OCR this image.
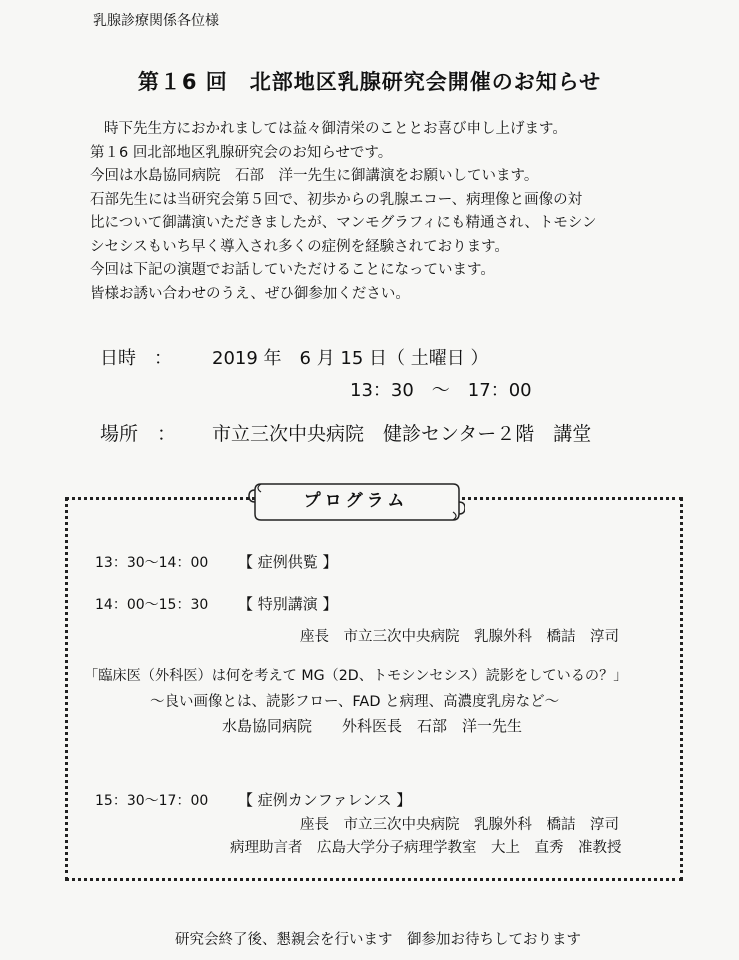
乳腺診療関係各位様
第１6 回　北部地区乳腺研究会開催のお知らせ

時下先生方におかれましては益々御清栄のこととお喜び申し上げます。

第１6 回北部地区乳腺研究会のお知らせです。

今回は水島協同病院　石部　洋一先生に御講演をお願いしています。

石部先生には当研究会第５回で、初歩からの乳腺エコー、病理像と画像の対

比について御講演いただきましたが、マンモグラフィにも精通され、トモシン

シセシスもいち早く導入され多くの症例を経験されております。

今回は下記の演題でお話していただけることになっています。

皆様お誘い合わせのうえ、ぜひ御参加ください。

日時　： 2019 年　6 月 15 日（ 土曜日 ）
13：30　～　17：00
場所　： 市立三次中央病院　健診センター２階　講堂
プログラム
13：30～14：00 【 症例供覧 】
14：00～15：30 【 特別講演 】
座長　市立三次中央病院　乳腺外科　橋詰　淳司
「臨床医（外科医）は何を考えて MG（2D、トモシンセシス）読影をしているの？」
～良い画像とは、読影フロー、FAD と病理、高濃度乳房など～
水島協同病院　　外科医長　石部　洋一先生
15：30～17：00 【 症例カンファレンス 】
座長　市立三次中央病院　乳腺外科　橋詰　淳司
病理助言者　広島大学分子病理学教室　大上　直秀　准教授
研究会終了後、懇親会を行います　御参加お待ちしております
